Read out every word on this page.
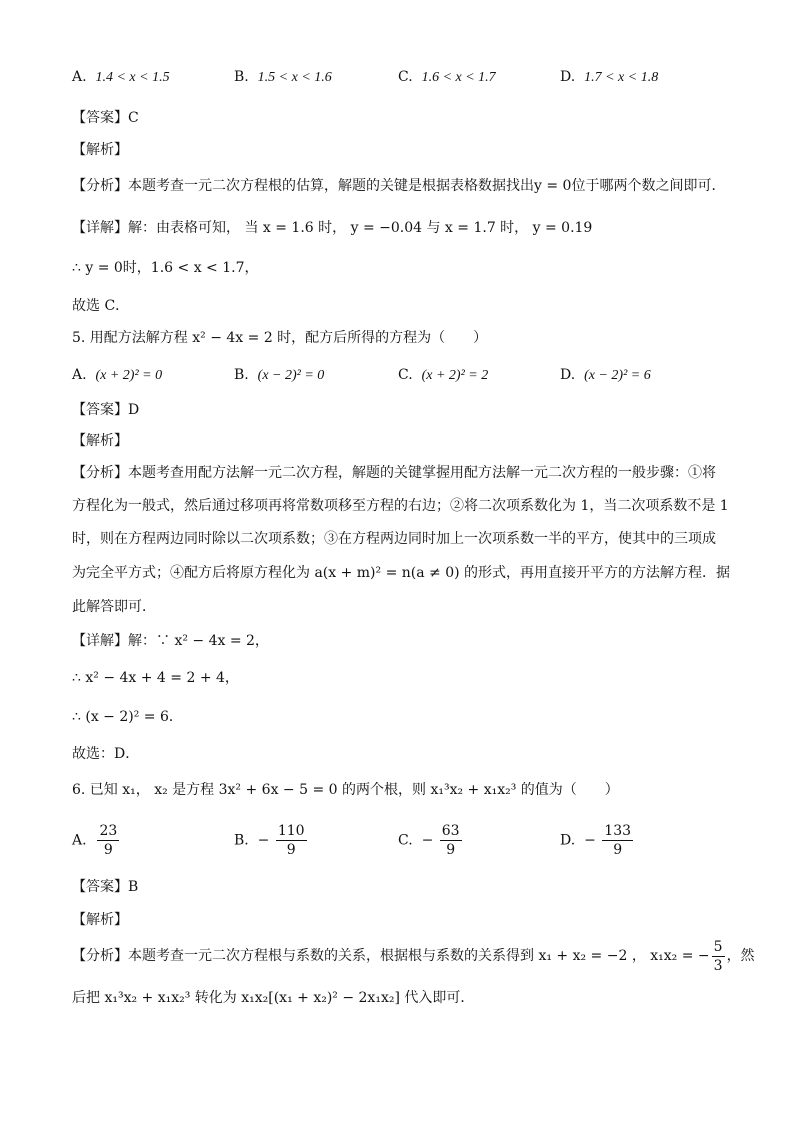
A. 1.4 < x < 1.5	B. 1.5 < x < 1.6	C. 1.6 < x < 1.7	D. 1.7 < x < 1.8
【答案】C
【解析】
【分析】本题考查一元二次方程根的估算，解题的关键是根据表格数据找出y = 0位于哪两个数之间即可．
【详解】解：由表格可知， 当 x = 1.6 时， y = −0.04 与 x = 1.7 时， y = 0.19
∴ y = 0时，1.6 < x < 1.7，
故选 C．
5. 用配方法解方程 x² − 4x = 2 时，配方后所得的方程为（　　）
A. (x + 2)² = 0	B. (x − 2)² = 0	C. (x + 2)² = 2	D. (x − 2)² = 6
【答案】D
【解析】
【分析】本题考查用配方法解一元二次方程，解题的关键掌握用配方法解一元二次方程的一般步骤：①将
方程化为一般式，然后通过移项再将常数项移至方程的右边；②将二次项系数化为 1，当二次项系数不是 1
时，则在方程两边同时除以二次项系数；③在方程两边同时加上一次项系数一半的平方，使其中的三项成
为完全平方式；④配方后将原方程化为 a(x + m)² = n(a ≠ 0) 的形式，再用直接开平方的方法解方程．据
此解答即可．
【详解】解：∵ x² − 4x = 2，
∴ x² − 4x + 4 = 2 + 4，
∴ (x − 2)² = 6．
故选：D．
6. 已知 x₁， x₂ 是方程 3x² + 6x − 5 = 0 的两个根，则 x₁³x₂ + x₁x₂³ 的值为（　　）
A. $\frac{23}{9}$	B. − $\frac{110}{9}$	C. − $\frac{63}{9}$	D. − $\frac{133}{9}$
【答案】B
【解析】
【分析】本题考查一元二次方程根与系数的关系，根据根与系数的关系得到 x₁ + x₂ = −2 ， x₁x₂ = − $\frac{5}{3}$ ，然
后把 x₁³x₂ + x₁x₂³ 转化为 x₁x₂[(x₁ + x₂)² − 2x₁x₂] 代入即可．
